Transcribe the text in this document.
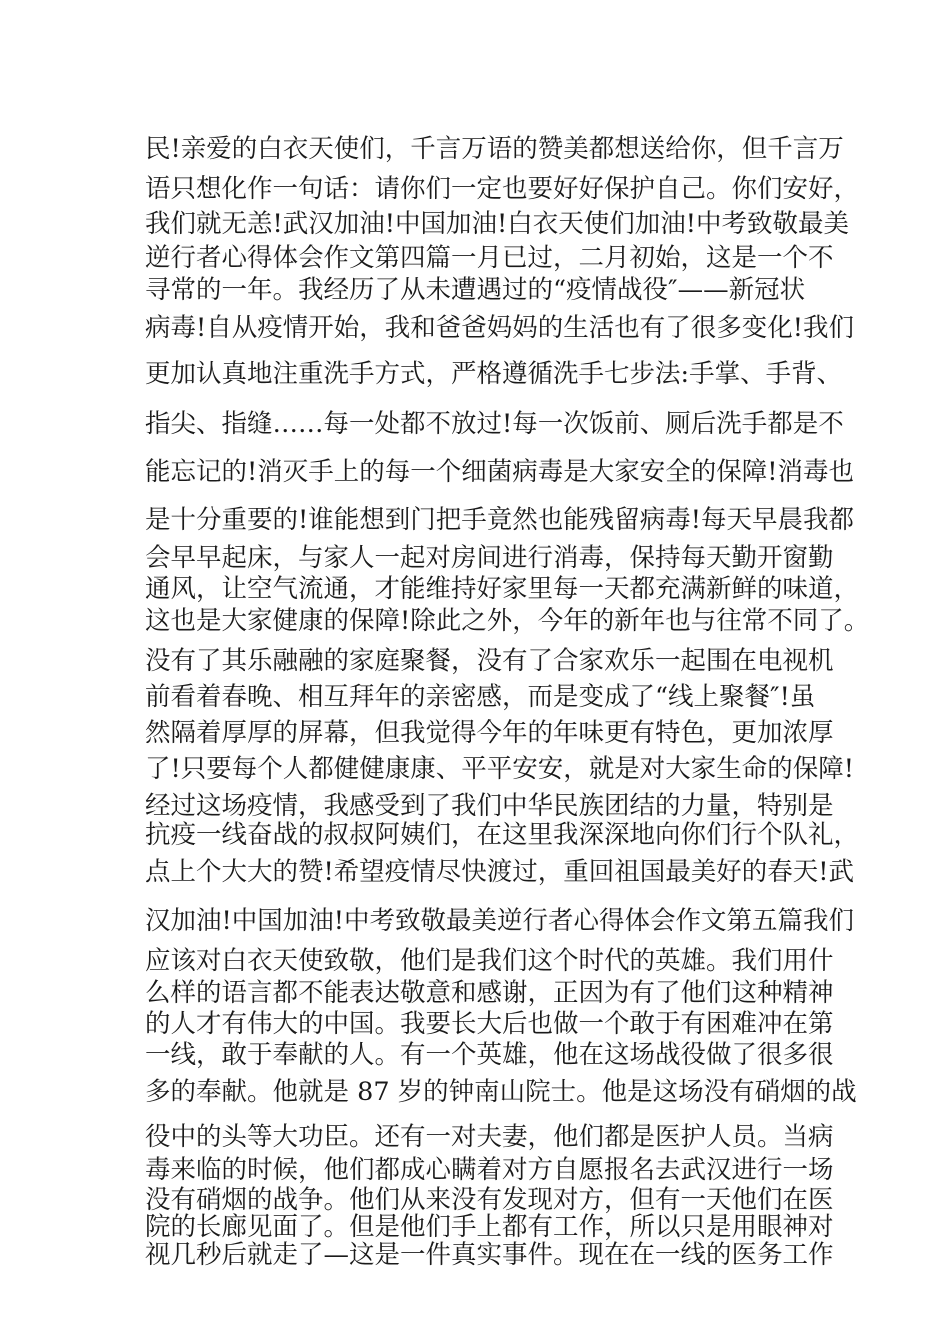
民!亲爱的白衣天使们，千言万语的赞美都想送给你，但千言万
语只想化作一句话：请你们一定也要好好保护自己。你们安好，
我们就无恙!武汉加油!中国加油!白衣天使们加油!中考致敬最美
逆行者心得体会作文第四篇一月已过，二月初始，这是一个不
寻常的一年。我经历了从未遭遇过的“疫情战役″——新冠状
病毒!自从疫情开始，我和爸爸妈妈的生活也有了很多变化!我们
更加认真地注重洗手方式，严格遵循洗手七步法:手掌、手背、
指尖、指缝……每一处都不放过!每一次饭前、厕后洗手都是不
能忘记的!消灭手上的每一个细菌病毒是大家安全的保障!消毒也
是十分重要的!谁能想到门把手竟然也能残留病毒!每天早晨我都
会早早起床，与家人一起对房间进行消毒，保持每天勤开窗勤
通风，让空气流通，才能维持好家里每一天都充满新鲜的味道，
这也是大家健康的保障!除此之外，今年的新年也与往常不同了。
没有了其乐融融的家庭聚餐，没有了合家欢乐一起围在电视机
前看着春晚、相互拜年的亲密感，而是变成了“线上聚餐″!虽
然隔着厚厚的屏幕，但我觉得今年的年味更有特色，更加浓厚
了!只要每个人都健健康康、平平安安，就是对大家生命的保障!
经过这场疫情，我感受到了我们中华民族团结的力量，特别是
抗疫一线奋战的叔叔阿姨们，在这里我深深地向你们行个队礼，
点上个大大的赞!希望疫情尽快渡过，重回祖国最美好的春天!武
汉加油!中国加油!中考致敬最美逆行者心得体会作文第五篇我们
应该对白衣天使致敬，他们是我们这个时代的英雄。我们用什
么样的语言都不能表达敬意和感谢，正因为有了他们这种精神
的人才有伟大的中国。我要长大后也做一个敢于有困难冲在第
一线，敢于奉献的人。有一个英雄，他在这场战役做了很多很
多的奉献。他就是 87 岁的钟南山院士。他是这场没有硝烟的战
役中的头等大功臣。还有一对夫妻，他们都是医护人员。当病
毒来临的时候，他们都成心瞒着对方自愿报名去武汉进行一场
没有硝烟的战争。他们从来没有发现对方，但有一天他们在医
院的长廊见面了。但是他们手上都有工作，所以只是用眼神对
视几秒后就走了—这是一件真实事件。现在在一线的医务工作
